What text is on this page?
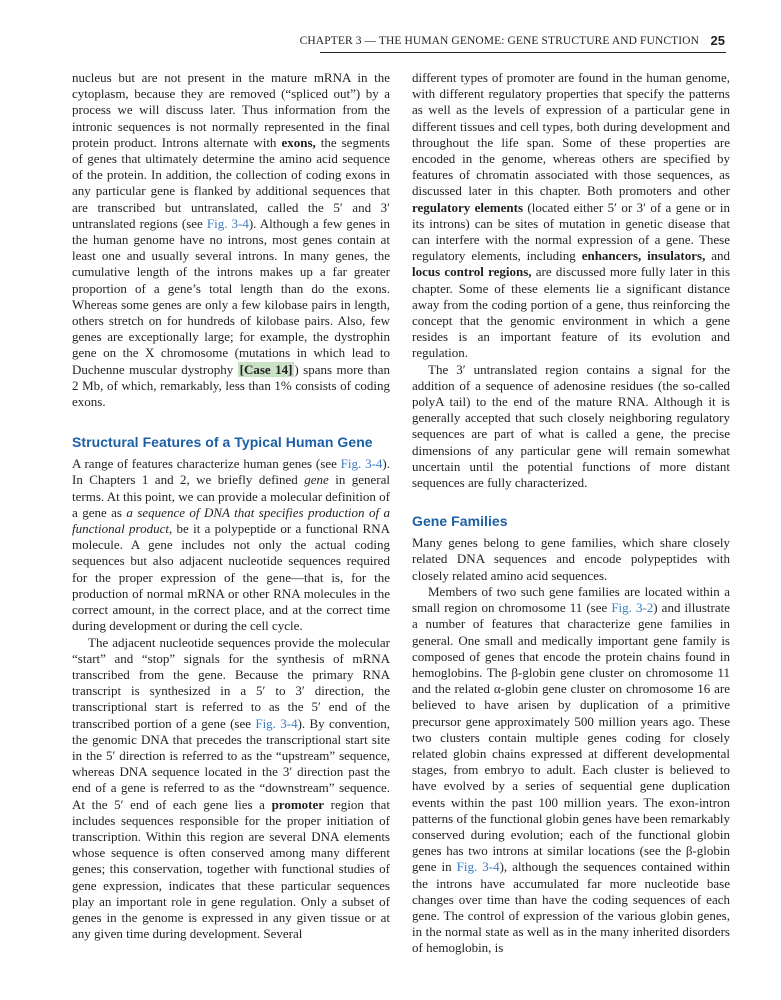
CHAPTER 3 — THE HUMAN GENOME: GENE STRUCTURE AND FUNCTION 25

nucleus but are not present in the mature mRNA in the cytoplasm, because they are removed (“spliced out”) by a process we will discuss later. Thus information from the intronic sequences is not normally represented in the final protein product. Introns alternate with exons, the segments of genes that ultimately determine the amino acid sequence of the protein. In addition, the collection of coding exons in any particular gene is flanked by additional sequences that are transcribed but untranslated, called the 5′ and 3′ untranslated regions (see Fig. 3-4). Although a few genes in the human genome have no introns, most genes contain at least one and usually several introns. In many genes, the cumulative length of the introns makes up a far greater proportion of a gene’s total length than do the exons. Whereas some genes are only a few kilobase pairs in length, others stretch on for hundreds of kilobase pairs. Also, few genes are exceptionally large; for example, the dystrophin gene on the X chromosome (mutations in which lead to Duchenne muscular dystrophy [Case 14] ) spans more than 2 Mb, of which, remarkably, less than 1% consists of coding exons.

Structural Features of a Typical Human Gene

A range of features characterize human genes (see Fig. 3-4). In Chapters 1 and 2, we briefly defined gene in general terms. At this point, we can provide a molecular definition of a gene as a sequence of DNA that specifies production of a functional product, be it a polypeptide or a functional RNA molecule. A gene includes not only the actual coding sequences but also adjacent nucleotide sequences required for the proper expression of the gene—that is, for the production of normal mRNA or other RNA molecules in the correct amount, in the correct place, and at the correct time during development or during the cell cycle.

The adjacent nucleotide sequences provide the molecular “start” and “stop” signals for the synthesis of mRNA transcribed from the gene. Because the primary RNA transcript is synthesized in a 5′ to 3′ direction, the transcriptional start is referred to as the 5′ end of the transcribed portion of a gene (see Fig. 3-4). By convention, the genomic DNA that precedes the transcriptional start site in the 5′ direction is referred to as the “upstream” sequence, whereas DNA sequence located in the 3′ direction past the end of a gene is referred to as the “downstream” sequence. At the 5′ end of each gene lies a promoter region that includes sequences responsible for the proper initiation of transcription. Within this region are several DNA elements whose sequence is often conserved among many different genes; this conservation, together with functional studies of gene expression, indicates that these particular sequences play an important role in gene regulation. Only a subset of genes in the genome is expressed in any given tissue or at any given time during development. Several

different types of promoter are found in the human genome, with different regulatory properties that specify the patterns as well as the levels of expression of a particular gene in different tissues and cell types, both during development and throughout the life span. Some of these properties are encoded in the genome, whereas others are specified by features of chromatin associated with those sequences, as discussed later in this chapter. Both promoters and other regulatory elements (located either 5′ or 3′ of a gene or in its introns) can be sites of mutation in genetic disease that can interfere with the normal expression of a gene. These regulatory elements, including enhancers, insulators, and locus control regions, are discussed more fully later in this chapter. Some of these elements lie a significant distance away from the coding portion of a gene, thus reinforcing the concept that the genomic environment in which a gene resides is an important feature of its evolution and regulation.

The 3′ untranslated region contains a signal for the addition of a sequence of adenosine residues (the so-called polyA tail) to the end of the mature RNA. Although it is generally accepted that such closely neighboring regulatory sequences are part of what is called a gene, the precise dimensions of any particular gene will remain somewhat uncertain until the potential functions of more distant sequences are fully characterized.

Gene Families

Many genes belong to gene families, which share closely related DNA sequences and encode polypeptides with closely related amino acid sequences.

Members of two such gene families are located within a small region on chromosome 11 (see Fig. 3-2) and illustrate a number of features that characterize gene families in general. One small and medically important gene family is composed of genes that encode the protein chains found in hemoglobins. The β-globin gene cluster on chromosome 11 and the related α-globin gene cluster on chromosome 16 are believed to have arisen by duplication of a primitive precursor gene approximately 500 million years ago. These two clusters contain multiple genes coding for closely related globin chains expressed at different developmental stages, from embryo to adult. Each cluster is believed to have evolved by a series of sequential gene duplication events within the past 100 million years. The exon-intron patterns of the functional globin genes have been remarkably conserved during evolution; each of the functional globin genes has two introns at similar locations (see the β-globin gene in Fig. 3-4), although the sequences contained within the introns have accumulated far more nucleotide base changes over time than have the coding sequences of each gene. The control of expression of the various globin genes, in the normal state as well as in the many inherited disorders of hemoglobin, is
